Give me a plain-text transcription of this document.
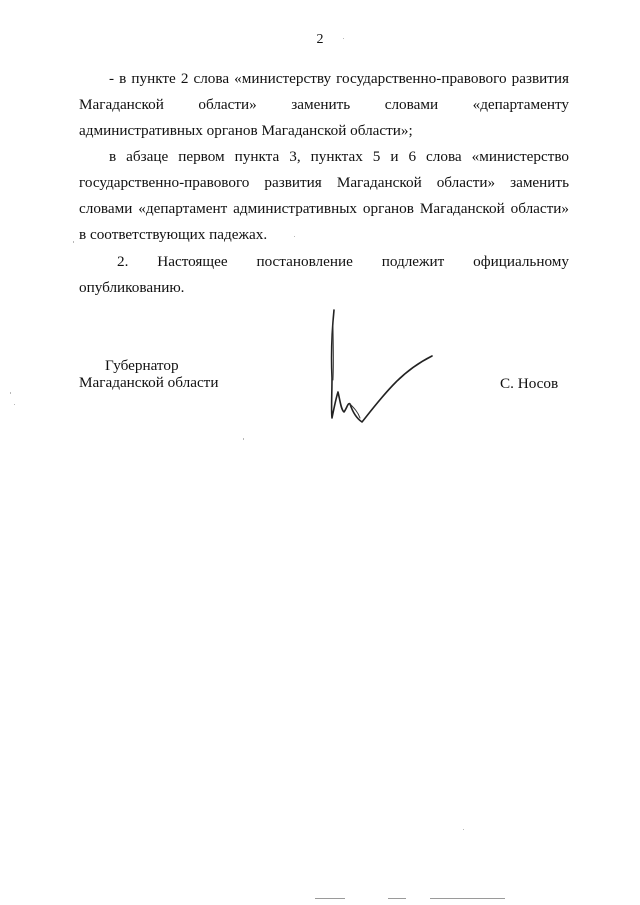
2

- в пункте 2 слова «министерству государственно-правового развития Магаданской области» заменить словами «департаменту административных органов Магаданской области»;

в абзаце первом пункта 3, пунктах 5 и 6 слова «министерство государственно-правового развития Магаданской области» заменить словами «департамент административных органов Магаданской области» в соответствующих падежах.

2. Настоящее постановление подлежит официальному
опубликованию.
Губернатор
Магаданской области	С. Носов
